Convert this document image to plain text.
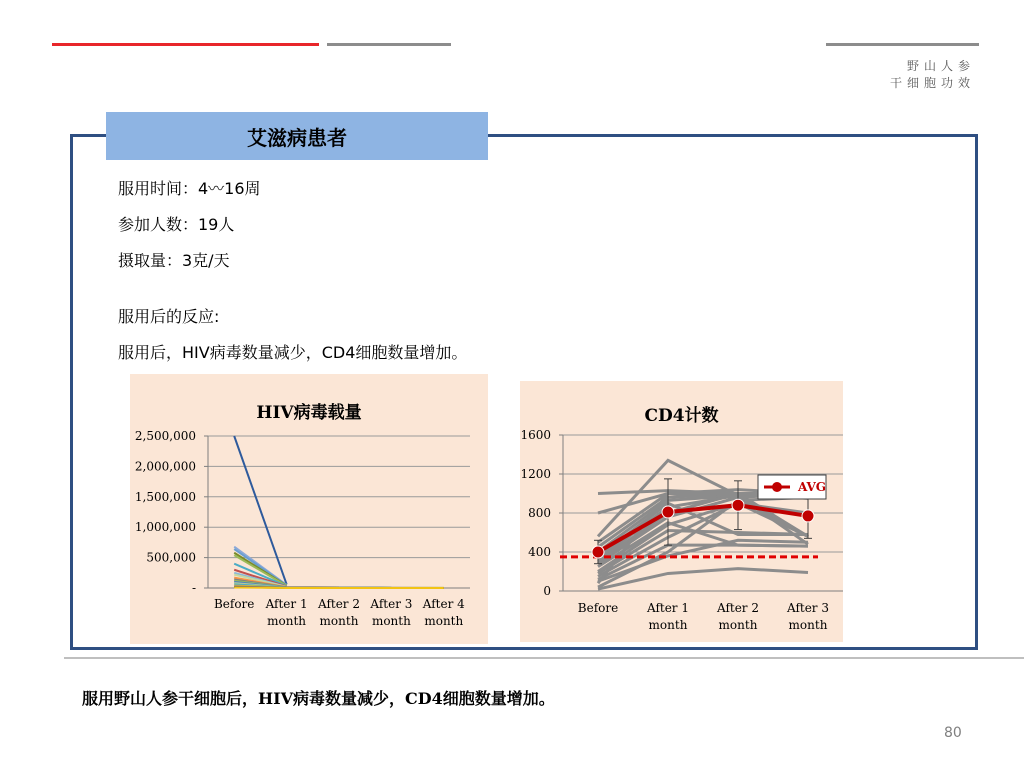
野山人参
干细胞功效
艾滋病患者
服用时间：4〰16周
参加人数：19人
摄取量：3克/天
服用后的反应:
服用后，HIV病毒数量减少，CD4细胞数量增加。
HIV病毒载量
-
500,000
1,000,000
1,500,000
2,000,000
2,500,000
Before After 1 month
After 2 month
After 3 month
After 4 month
CD4计数
0
400
800
1200
1600
Before After 1 month
After 2 month
After 3 month
AVG
服用野山人参干细胞后，HIV病毒数量减少，CD4细胞数量增加。
80
